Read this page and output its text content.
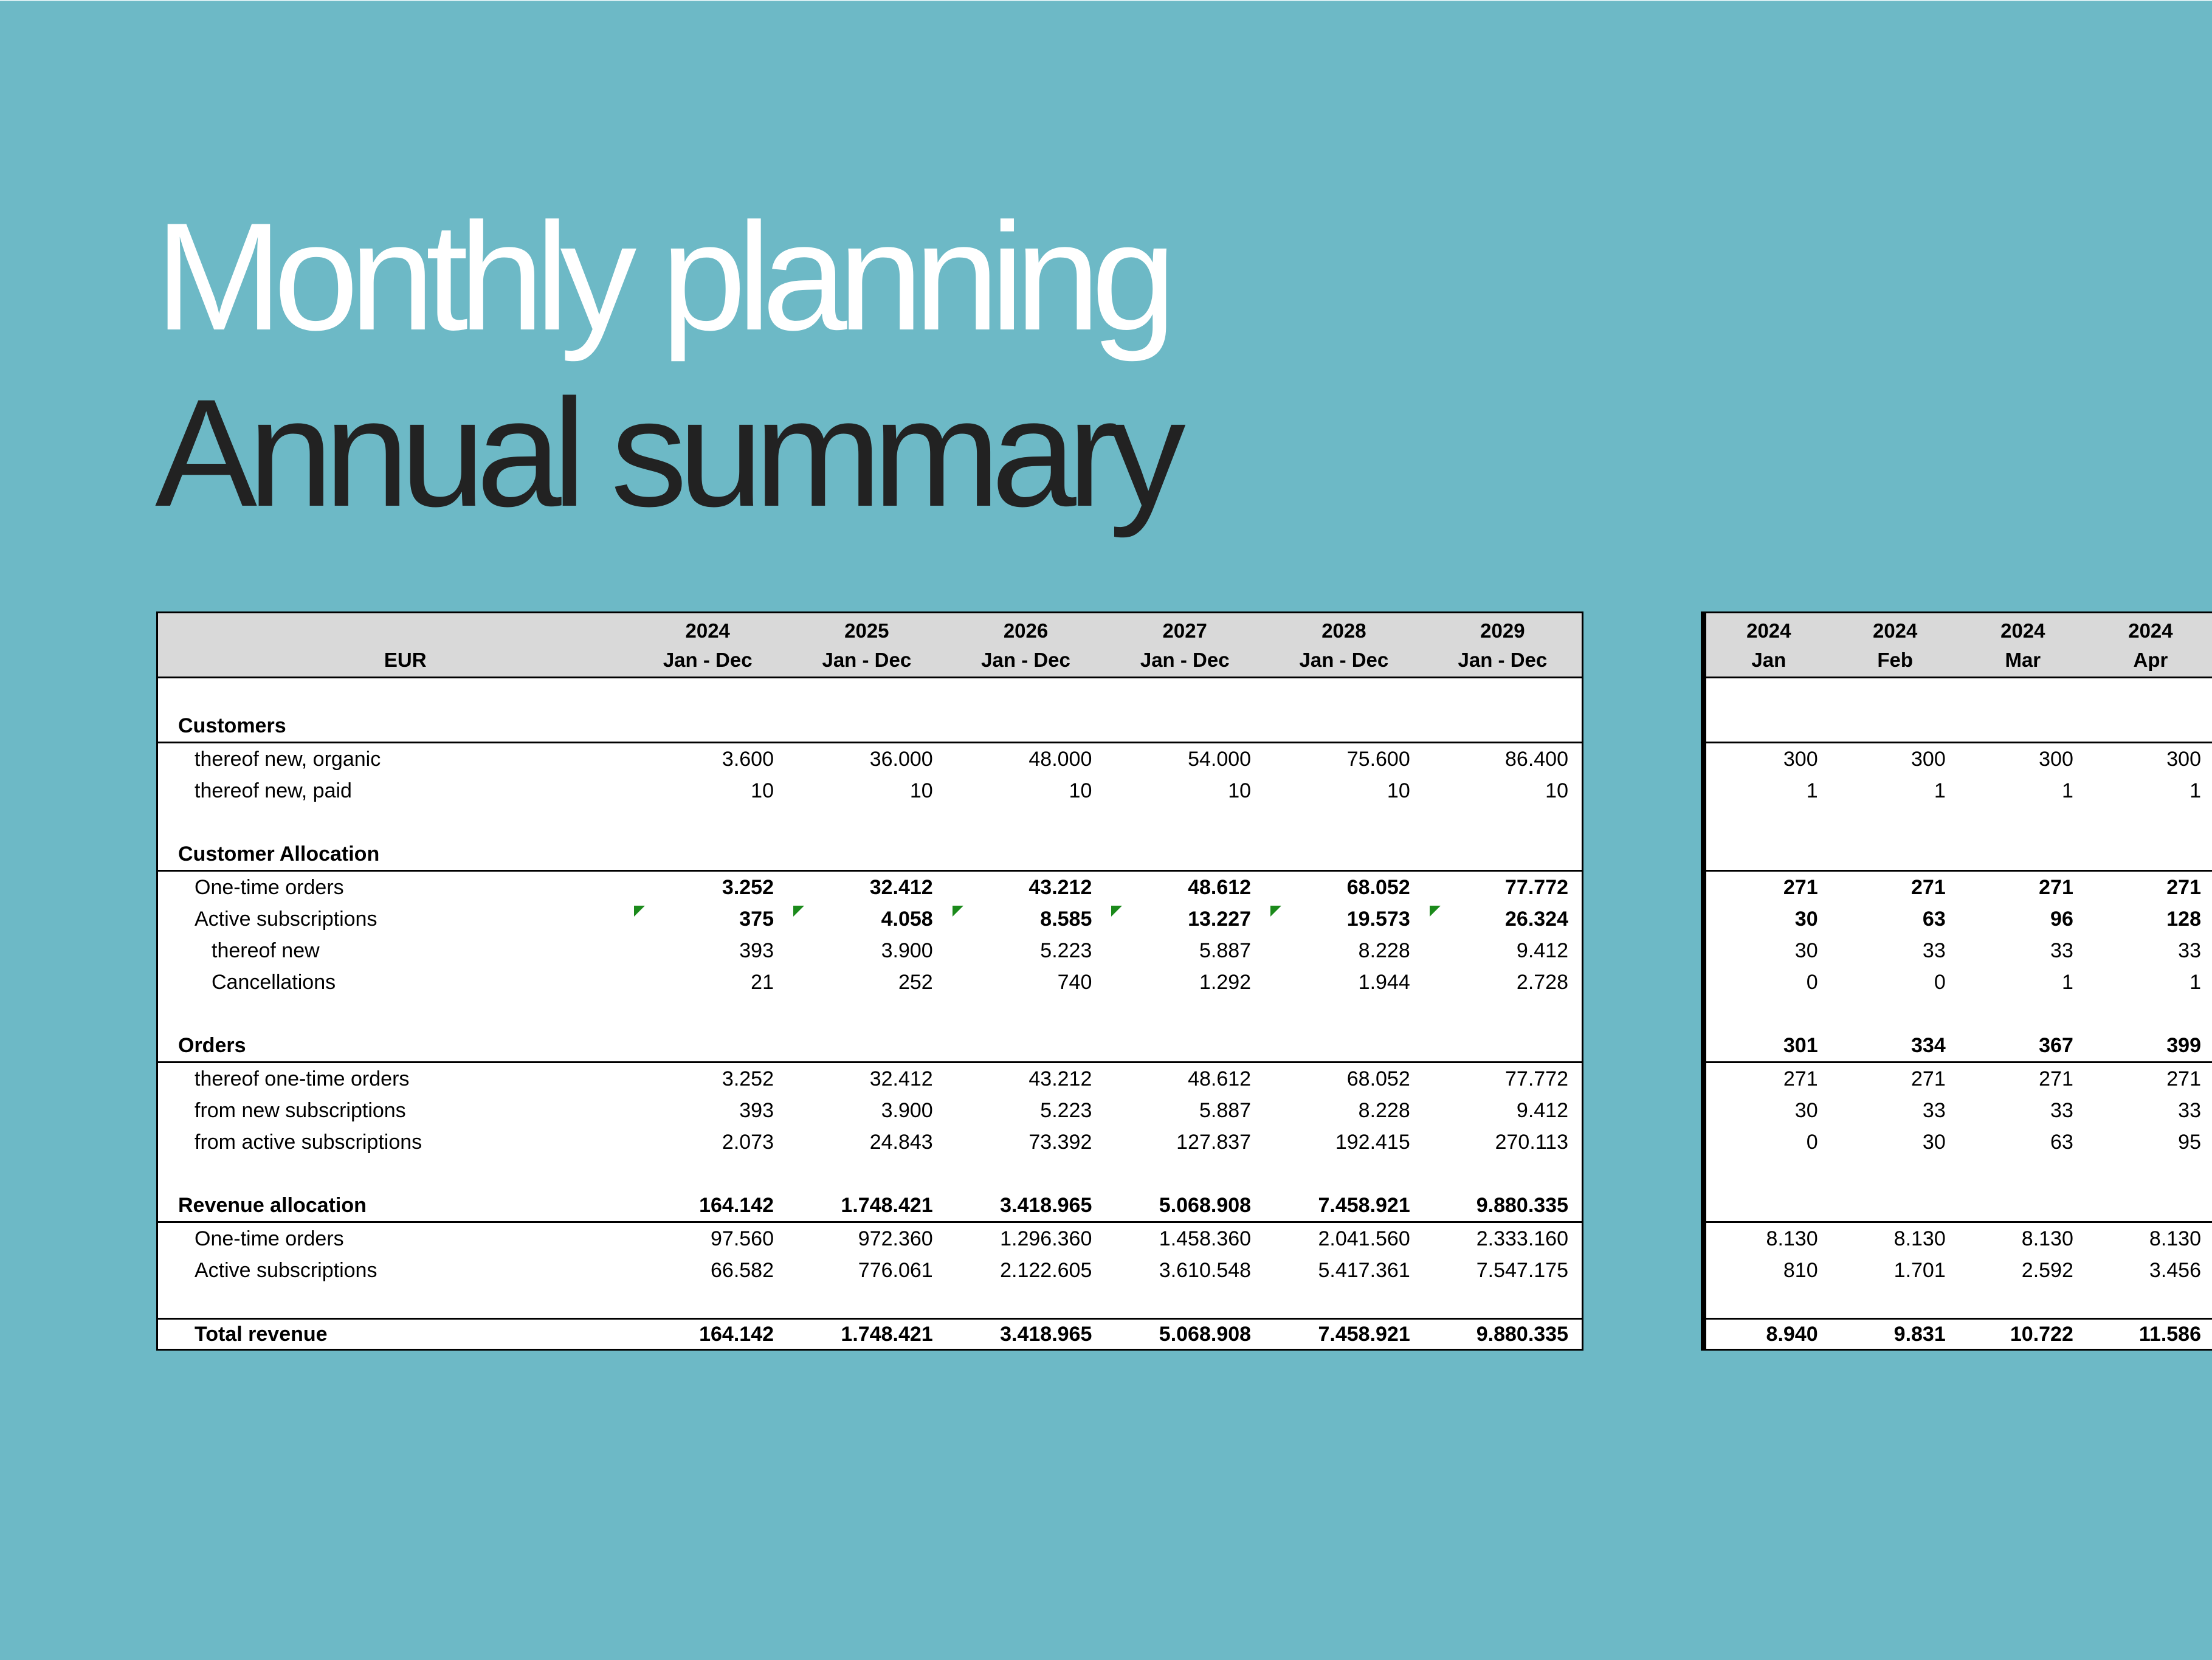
Monthly planning
Annual summary
	2024	2025	2026	2027	2028	2029
EUR	Jan - Dec	Jan - Dec	Jan - Dec	Jan - Dec	Jan - Dec	Jan - Dec

Customers						
thereof new, organic	3.600	36.000	48.000	54.000	75.600	86.400
thereof new, paid	10	10	10	10	10	10

Customer Allocation						
One-time orders	3.252	32.412	43.212	48.612	68.052	77.772
Active subscriptions	375	4.058	8.585	13.227	19.573	26.324
thereof new	393	3.900	5.223	5.887	8.228	9.412
Cancellations	21	252	740	1.292	1.944	2.728

Orders						
thereof one-time orders	3.252	32.412	43.212	48.612	68.052	77.772
from new subscriptions	393	3.900	5.223	5.887	8.228	9.412
from active subscriptions	2.073	24.843	73.392	127.837	192.415	270.113

Revenue allocation	164.142	1.748.421	3.418.965	5.068.908	7.458.921	9.880.335
One-time orders	97.560	972.360	1.296.360	1.458.360	2.041.560	2.333.160
Active subscriptions	66.582	776.061	2.122.605	3.610.548	5.417.361	7.547.175

Total revenue	164.142	1.748.421	3.418.965	5.068.908	7.458.921	9.880.335
2024	2024	2024	2024
Jan	Feb	Mar	Apr

300	300	300	300
1	1	1	1

271	271	271	271
30	63	96	128
30	33	33	33
0	0	1	1

301	334	367	399
271	271	271	271
30	33	33	33
0	30	63	95

8.130	8.130	8.130	8.130
810	1.701	2.592	3.456

8.940	9.831	10.722	11.586
